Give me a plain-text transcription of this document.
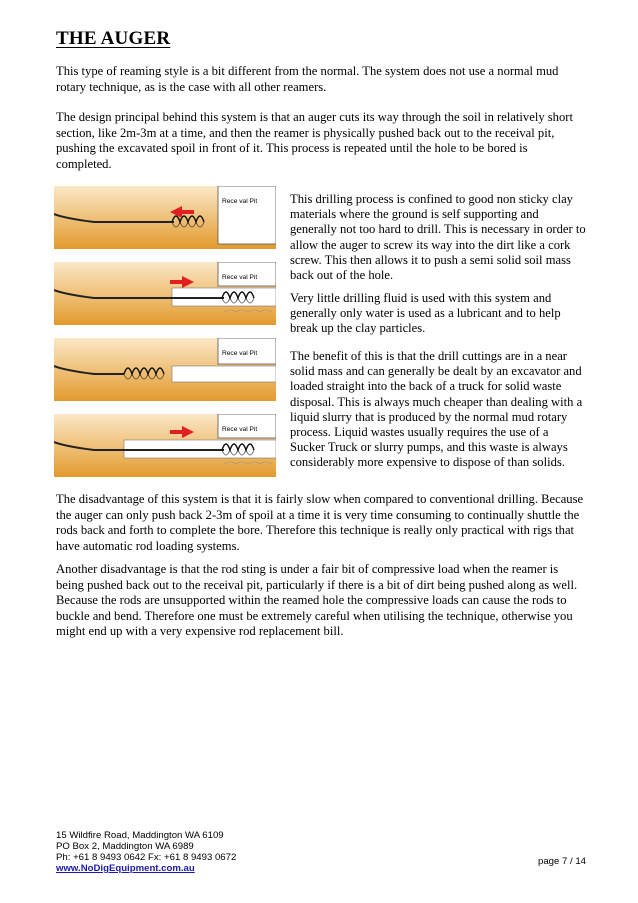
THE AUGER

This type of reaming style is a bit different from the normal. The system does not use a normal mud rotary technique, as is the case with all other reamers.

The design principal behind this system is that an auger cuts its way through the soil in relatively short section, like 2m-3m at a time, and then the reamer is physically pushed back out to the receival pit, pushing the excavated spoil in front of it. This process is repeated until the hole to be bored is completed.

Rece val Pit
Rece val Pit
Rece val Pit
Rece val Pit

This drilling process is confined to good non sticky clay materials where the ground is self supporting and generally not too hard to drill. This is necessary in order to allow the auger to screw its way into the dirt like a cork screw. This then allows it to push a semi solid soil mass back out of the hole.

Very little drilling fluid is used with this system and generally only water is used as a lubricant and to help break up the clay particles.

The benefit of this is that the drill cuttings are in a near solid mass and can generally be dealt by an excavator and loaded straight into the back of a truck for solid waste disposal. This is always much cheaper than dealing with a liquid slurry that is produced by the normal mud rotary process. Liquid wastes usually requires the use of a Sucker Truck or slurry pumps, and this waste is always considerably more expensive to dispose of than solids.

The disadvantage of this system is that it is fairly slow when compared to conventional drilling. Because the auger can only push back 2-3m of spoil at a time it is very time consuming to continually shuttle the rods back and forth to complete the bore. Therefore this technique is really only practical with rigs that have automatic rod loading systems.

Another disadvantage is that the rod sting is under a fair bit of compressive load when the reamer is being pushed back out to the receival pit, particularly if there is a bit of dirt being pushed along as well. Because the rods are unsupported within the reamed hole the compressive loads can cause the rods to buckle and bend. Therefore one must be extremely careful when utilising the technique, otherwise you might end up with a very expensive rod replacement bill.

15 Wildfire Road, Maddington WA 6109
PO Box 2, Maddington WA 6989
Ph: +61 8 9493 0642 Fx: +61 8 9493 0672
www.NoDigEquipment.com.au
page 7 / 14
